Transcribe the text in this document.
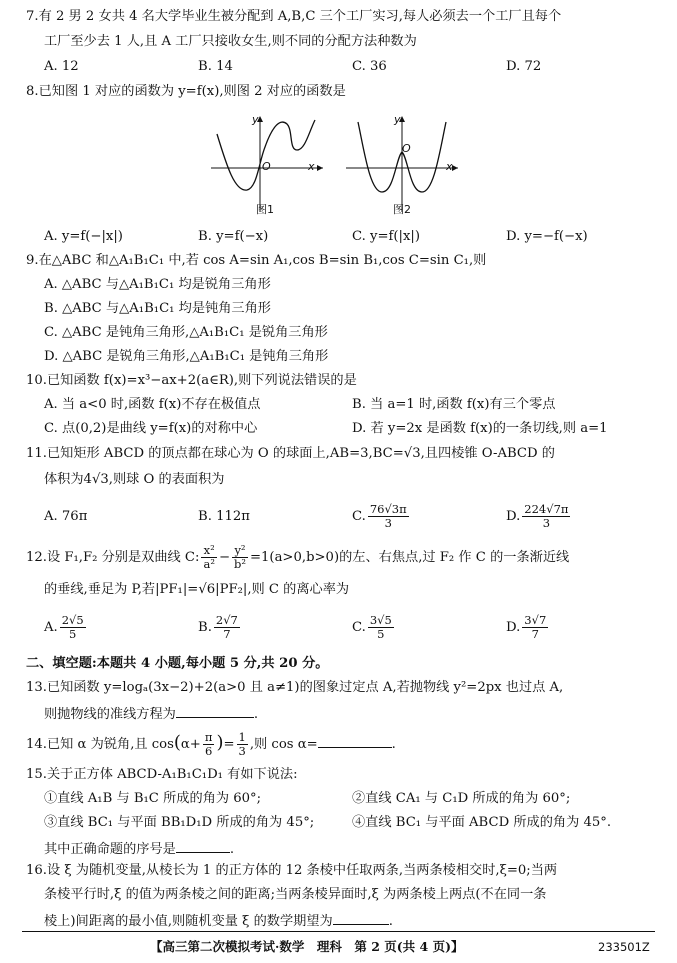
7.有 2 男 2 女共 4 名大学毕业生被分配到 A,B,C 三个工厂实习,每人必须去一个工厂且每个
工厂至少去 1 人,且 A 工厂只接收女生,则不同的分配方法种数为
A. 12	B. 14	C. 36	D. 72
8.已知图 1 对应的函数为 y=f(x),则图 2 对应的函数是
y
x
O
图1
y
x
O
图2
A. y=f(−|x|)	B. y=f(−x)	C. y=f(|x|)	D. y=−f(−x)
9.在△ABC 和△A₁B₁C₁ 中,若 cos A=sin A₁,cos B=sin B₁,cos C=sin C₁,则
A. △ABC 与△A₁B₁C₁ 均是锐角三角形
B. △ABC 与△A₁B₁C₁ 均是钝角三角形
C. △ABC 是钝角三角形,△A₁B₁C₁ 是锐角三角形
D. △ABC 是锐角三角形,△A₁B₁C₁ 是钝角三角形
10.已知函数 f(x)=x³−ax+2(a∈R),则下列说法错误的是
A. 当 a<0 时,函数 f(x)不存在极值点	B. 当 a=1 时,函数 f(x)有三个零点
C. 点(0,2)是曲线 y=f(x)的对称中心	D. 若 y=2x 是函数 f(x)的一条切线,则 a=1
11.已知矩形 ABCD 的顶点都在球心为 O 的球面上,AB=3,BC=√3,且四棱锥 O-ABCD 的
体积为4√3,则球 O 的表面积为
A. 76π	B. 112π	C. $\frac{76√3\pi}{3}$	D. $\frac{224√7\pi}{3}$
12.设 F₁,F₂ 分别是双曲线 C: $\frac{\text{x²}}{\text{a²}} - \frac{\text{y²}}{\text{b²}} =1(a>0,b>0)$的左、右焦点,过 F₂ 作 C 的一条渐近线
的垂线,垂足为 P,若|PF₁|=√6|PF₂|,则 C 的离心率为
A. $\frac{2√5}{5}$	B. $\frac{2√7}{7}$	C. $\frac{3√5}{5}$	D. $\frac{3√7}{7}$
二、填空题:本题共 4 小题,每小题 5 分,共 20 分。
13.已知函数 y=logₐ(3x−2)+2(a>0 且 a≠1)的图象过定点 A,若抛物线 y²=2px 也过点 A,
则抛物线的准线方程为	.
14.已知 α 为锐角,且 $\cos(\alpha+ \frac{\pi}{6}$ )= $\frac{1}{3}$ ,则 cos α=	.
15.关于正方体 ABCD-A₁B₁C₁D₁ 有如下说法:
①直线 A₁B 与 B₁C 所成的角为 60°;	②直线 CA₁ 与 C₁D 所成的角为 60°;
③直线 BC₁ 与平面 BB₁D₁D 所成的角为 45°;	④直线 BC₁ 与平面 ABCD 所成的角为 45°.
其中正确命题的序号是	.
16.设 ξ 为随机变量,从棱长为 1 的正方体的 12 条棱中任取两条,当两条棱相交时,ξ=0;当两
条棱平行时,ξ 的值为两条棱之间的距离;当两条棱异面时,ξ 为两条棱上两点(不在同一条
棱上)间距离的最小值,则随机变量 ξ 的数学期望为	.
【高三第二次模拟考试·数学　理科　第 2 页(共 4 页)】	233501Z
